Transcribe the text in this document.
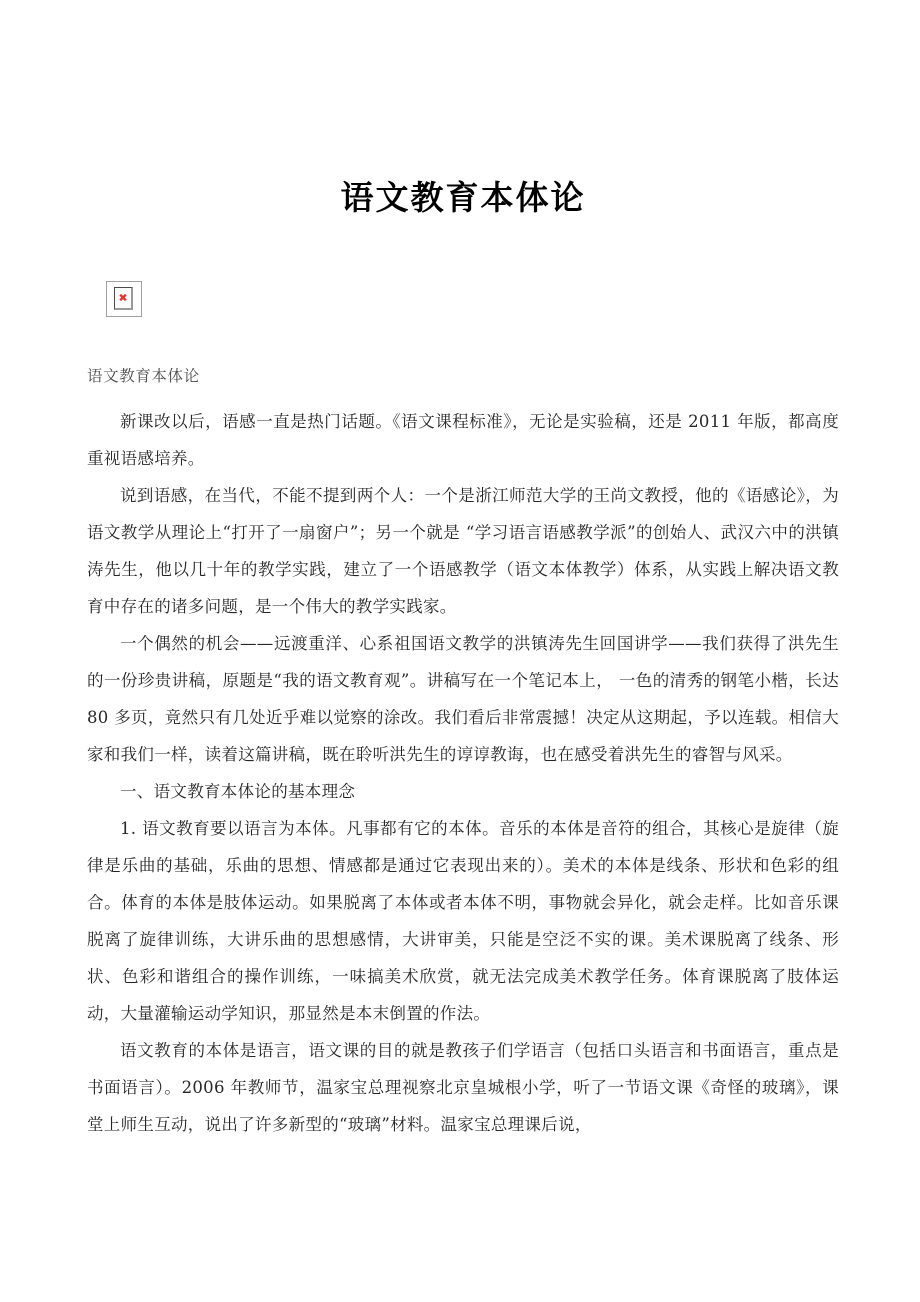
语文教育本体论
✖

语文教育本体论

新课改以后，语感一直是热门话题。《语文课程标准》，无论是实验稿，还是 2011 年版，都高度重视语感培养。

说到语感，在当代，不能不提到两个人：一个是浙江师范大学的王尚文教授，他的《语感论》，为语文教学从理论上“打开了一扇窗户”；另一个就是 “学习语言语感教学派”的创始人、武汉六中的洪镇涛先生，他以几十年的教学实践，建立了一个语感教学（语文本体教学）体系，从实践上解决语文教育中存在的诸多问题，是一个伟大的教学实践家。

一个偶然的机会——远渡重洋、心系祖国语文教学的洪镇涛先生回国讲学——我们获得了洪先生的一份珍贵讲稿，原题是“我的语文教育观”。讲稿写在一个笔记本上， 一色的清秀的钢笔小楷，长达 80 多页，竟然只有几处近乎难以觉察的涂改。我们看后非常震撼！决定从这期起，予以连载。相信大家和我们一样，读着这篇讲稿，既在聆听洪先生的谆谆教诲，也在感受着洪先生的睿智与风采。

一、语文教育本体论的基本理念

1. 语文教育要以语言为本体。凡事都有它的本体。音乐的本体是音符的组合，其核心是旋律（旋律是乐曲的基础，乐曲的思想、情感都是通过它表现出来的）。美术的本体是线条、形状和色彩的组合。体育的本体是肢体运动。如果脱离了本体或者本体不明，事物就会异化，就会走样。比如音乐课脱离了旋律训练，大讲乐曲的思想感情，大讲审美，只能是空泛不实的课。美术课脱离了线条、形状、色彩和谐组合的操作训练，一味搞美术欣赏，就无法完成美术教学任务。体育课脱离了肢体运动，大量灌输运动学知识，那显然是本末倒置的作法。

语文教育的本体是语言，语文课的目的就是教孩子们学语言（包括口头语言和书面语言，重点是书面语言）。2006 年教师节，温家宝总理视察北京皇城根小学，听了一节语文课《奇怪的玻璃》，课堂上师生互动，说出了许多新型的“玻璃”材料。温家宝总理课后说，
